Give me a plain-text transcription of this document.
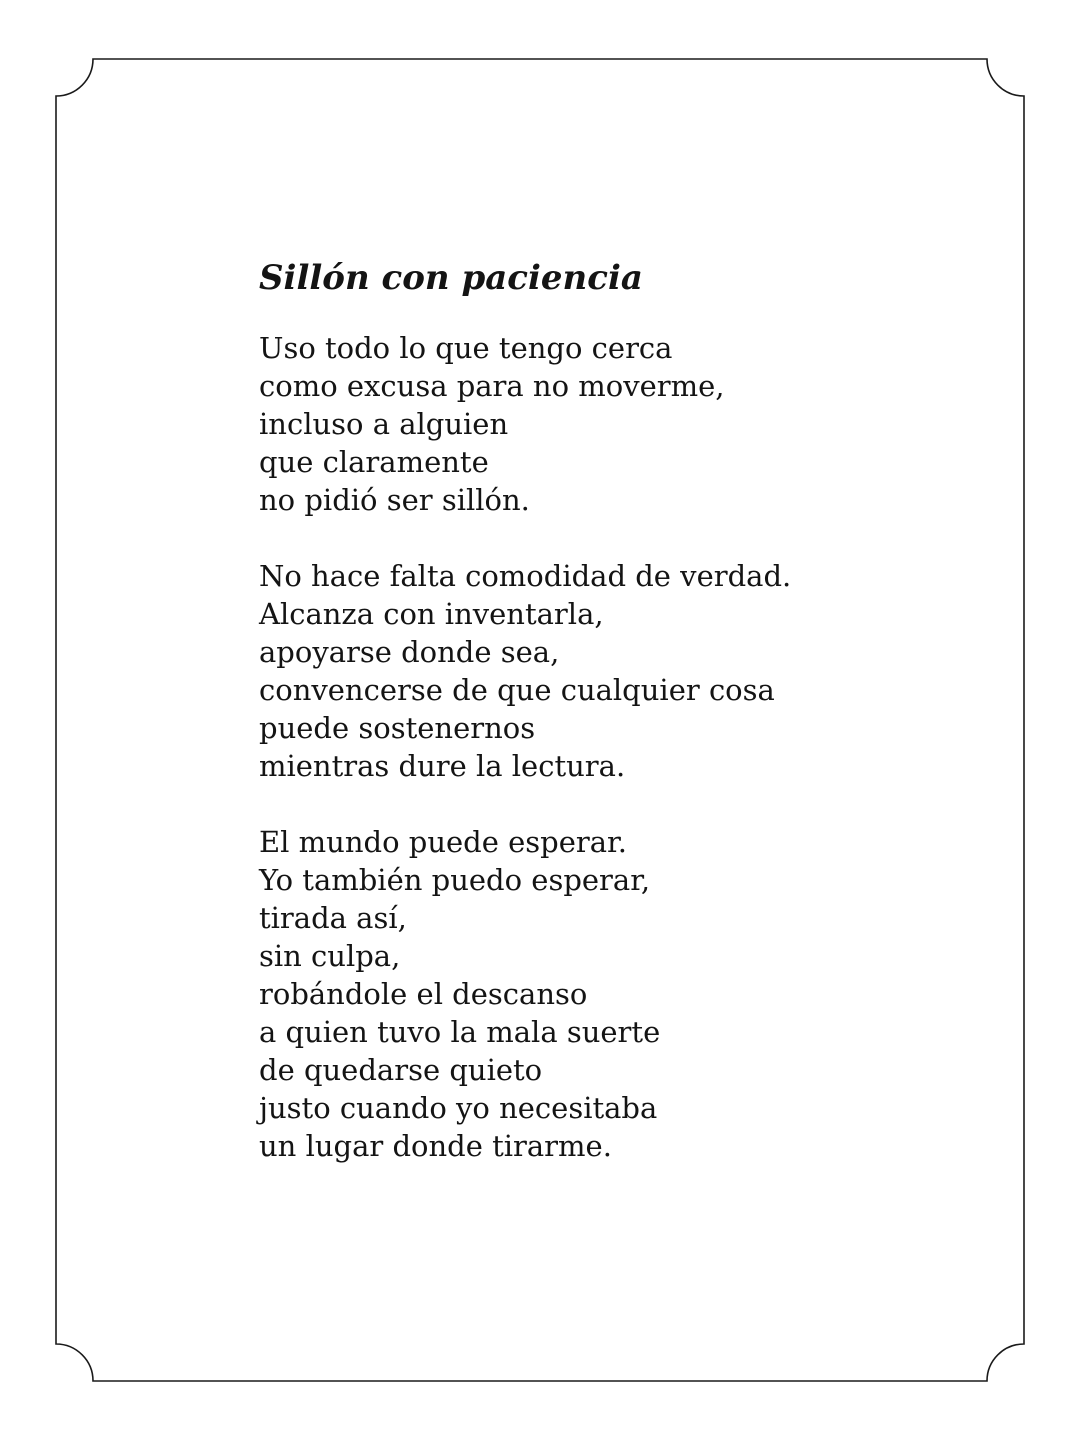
Sillón con paciencia
Uso todo lo que tengo cerca
como excusa para no moverme,
incluso a alguien
que claramente
no pidió ser sillón.
No hace falta comodidad de verdad.
Alcanza con inventarla,
apoyarse donde sea,
convencerse de que cualquier cosa
puede sostenernos
mientras dure la lectura.
El mundo puede esperar.
Yo también puedo esperar,
tirada así,
sin culpa,
robándole el descanso
a quien tuvo la mala suerte
de quedarse quieto
justo cuando yo necesitaba
un lugar donde tirarme.
